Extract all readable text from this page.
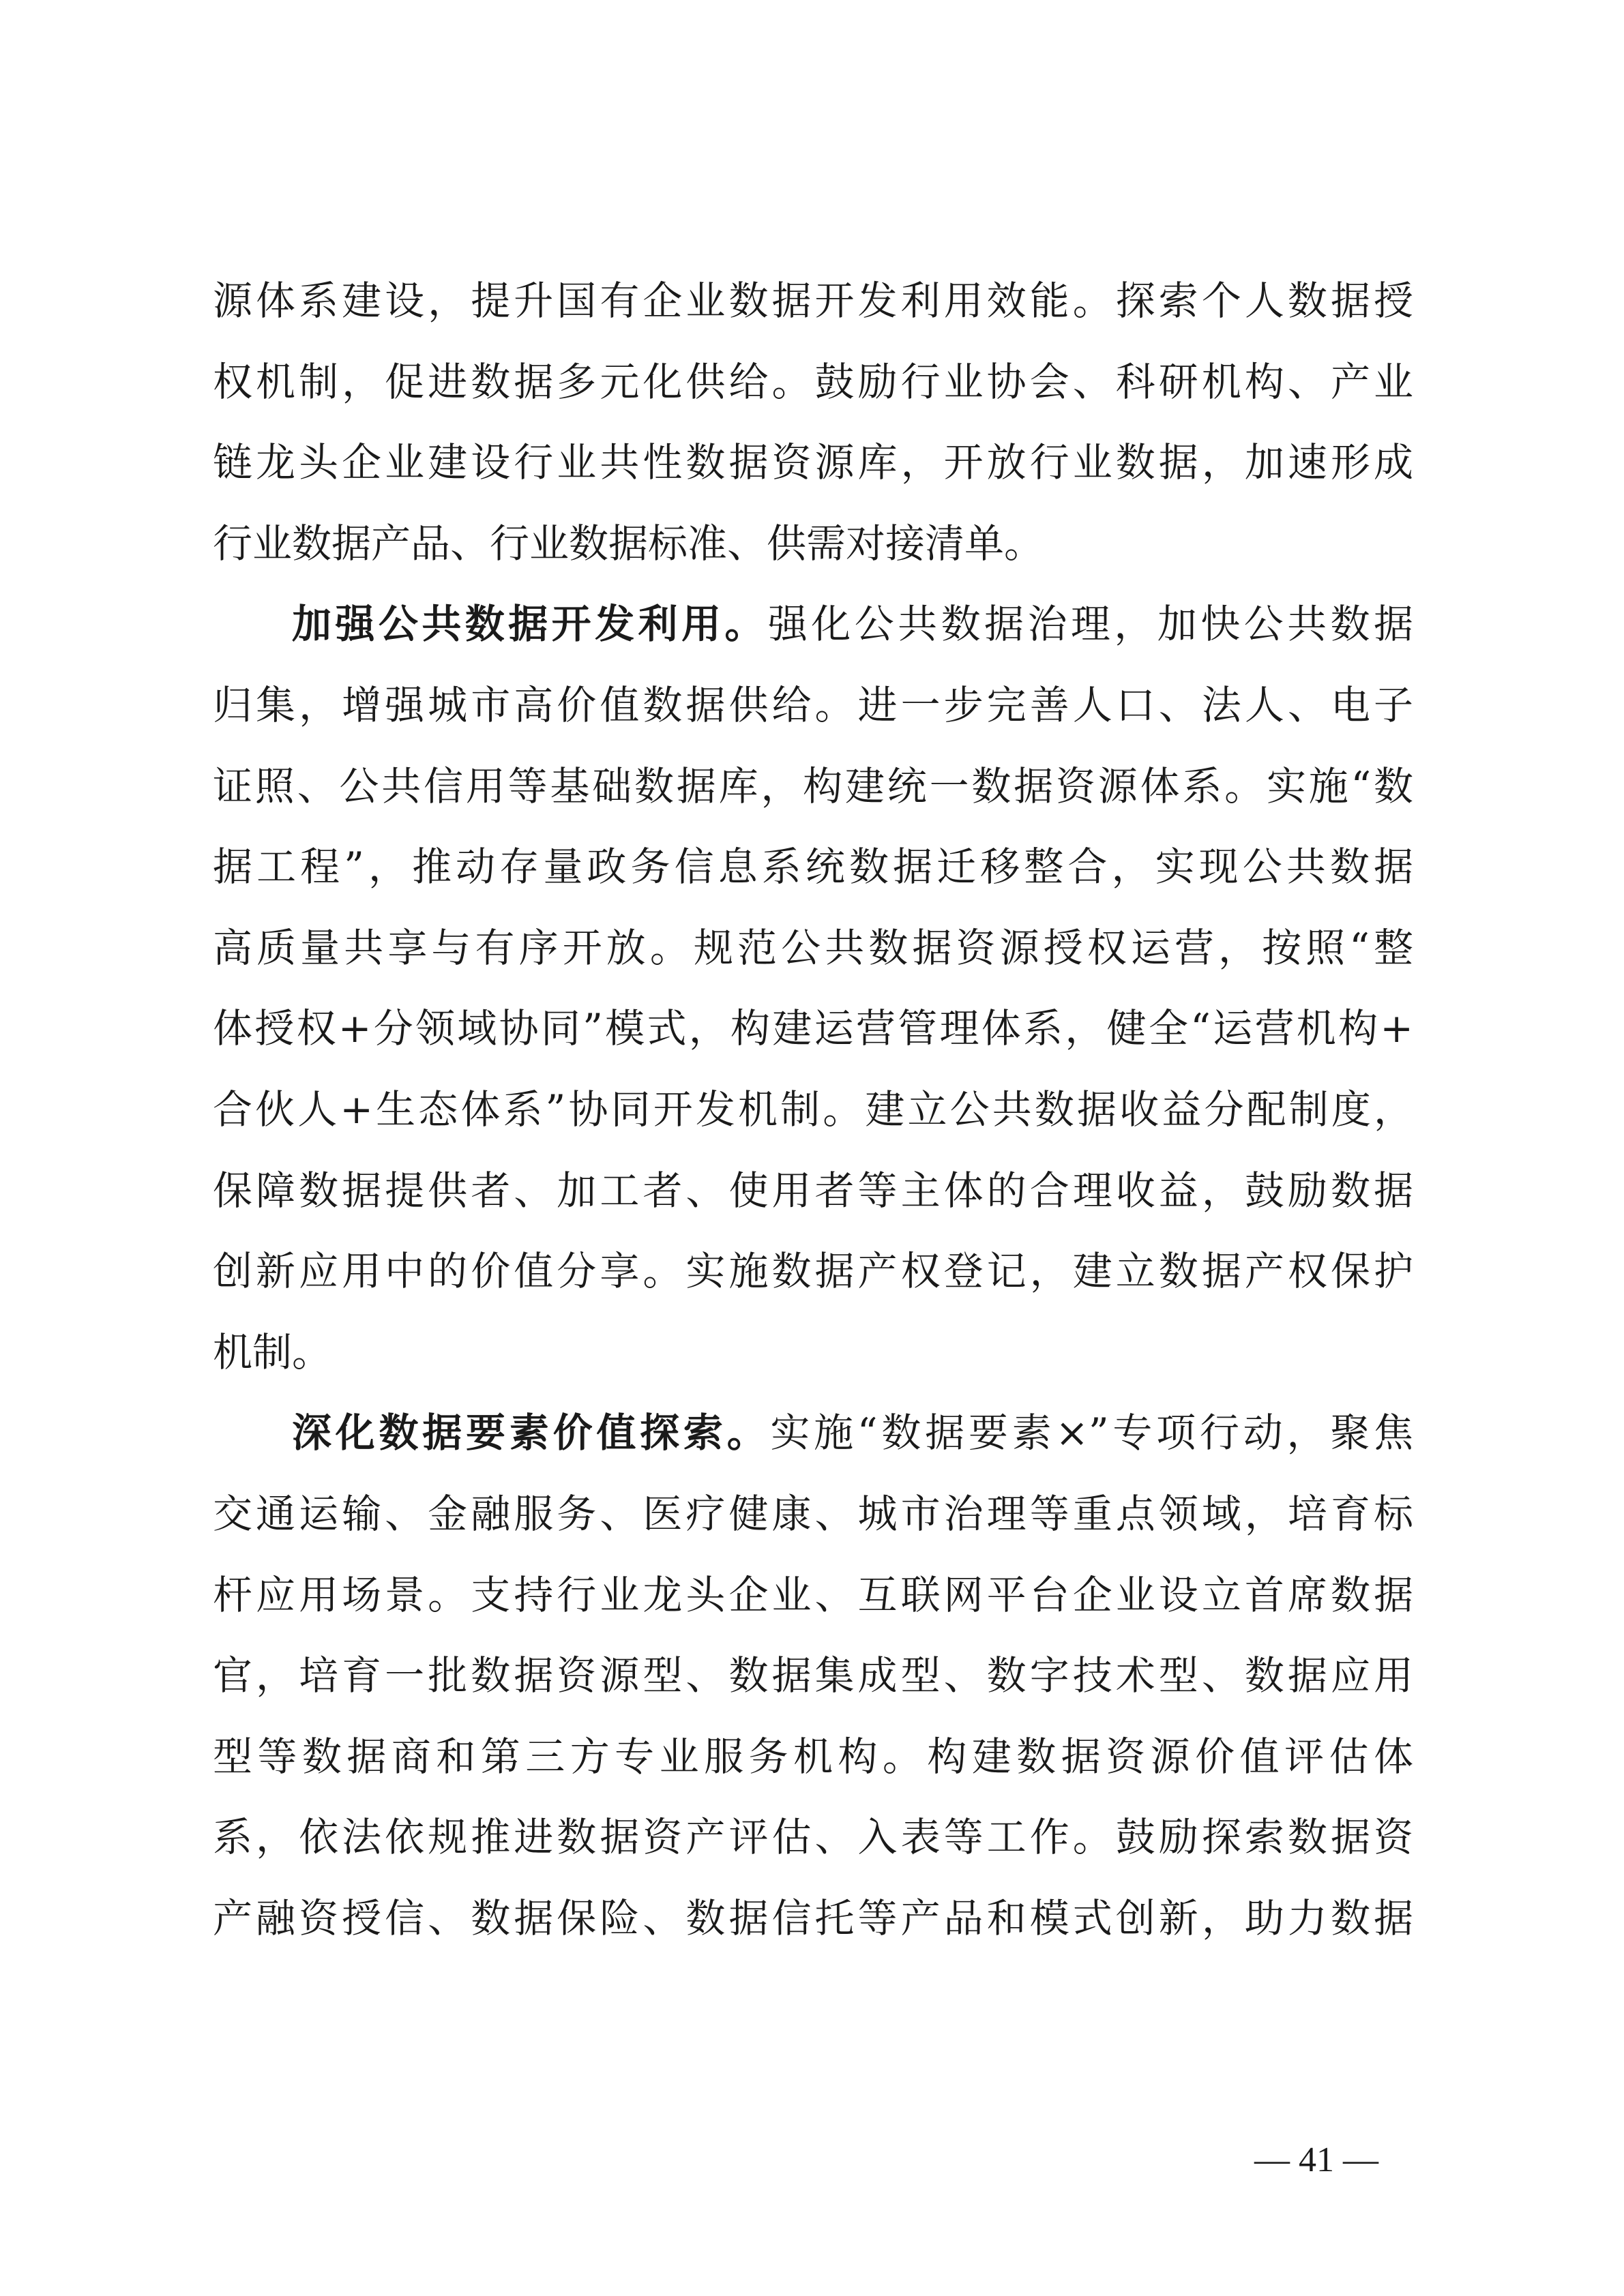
源体系建设，提升国有企业数据开发利用效能。探索个人数据授
权机制，促进数据多元化供给。鼓励行业协会、科研机构、产业
链龙头企业建设行业共性数据资源库，开放行业数据，加速形成
行业数据产品、行业数据标准、供需对接清单。
加强公共数据开发利用。强化公共数据治理，加快公共数据
归集，增强城市高价值数据供给。进一步完善人口、法人、电子
证照、公共信用等基础数据库，构建统一数据资源体系。实施“数
据工程”，推动存量政务信息系统数据迁移整合，实现公共数据
高质量共享与有序开放。规范公共数据资源授权运营，按照“整
体授权+分领域协同”模式，构建运营管理体系，健全“运营机构+
合伙人+生态体系”协同开发机制。建立公共数据收益分配制度，
保障数据提供者、加工者、使用者等主体的合理收益，鼓励数据
创新应用中的价值分享。实施数据产权登记，建立数据产权保护
机制。
深化数据要素价值探索。实施“数据要素×”专项行动，聚焦
交通运输、金融服务、医疗健康、城市治理等重点领域，培育标
杆应用场景。支持行业龙头企业、互联网平台企业设立首席数据
官，培育一批数据资源型、数据集成型、数字技术型、数据应用
型等数据商和第三方专业服务机构。构建数据资源价值评估体
系，依法依规推进数据资产评估、入表等工作。鼓励探索数据资
产融资授信、数据保险、数据信托等产品和模式创新，助力数据
— 41 —
